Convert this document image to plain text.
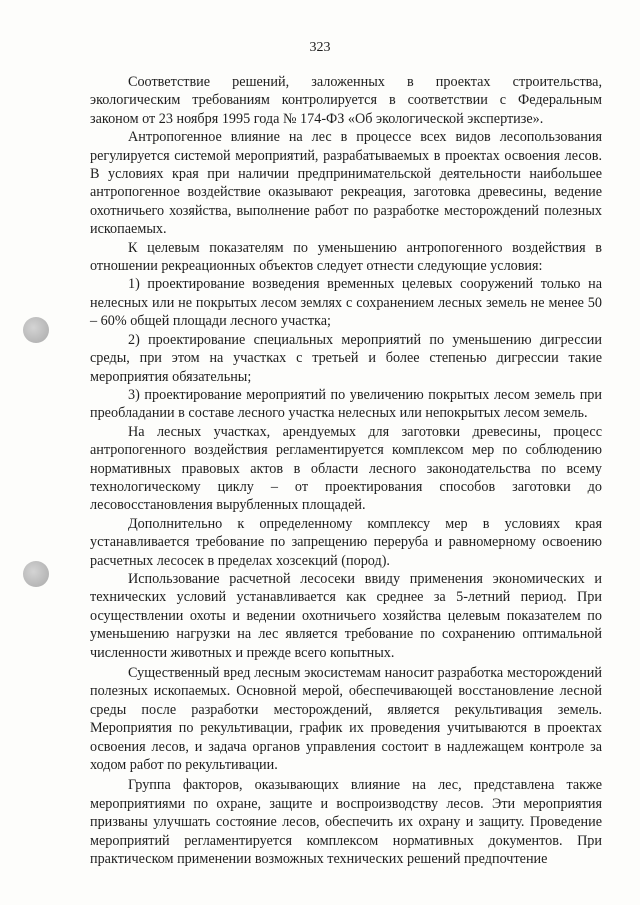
323

Соответствие решений, заложенных в проектах строительства, экологическим требованиям контролируется в соответствии с Федеральным законом от 23 ноября 1995 года № 174-ФЗ «Об экологической экспертизе».

Антропогенное влияние на лес в процессе всех видов лесопользования регулируется системой мероприятий, разрабатываемых в проектах освоения лесов. В условиях края при наличии предпринимательской деятельности наибольшее антропогенное воздействие оказывают рекреация, заготовка древесины, ведение охотничьего хозяйства, выполнение работ по разработке месторождений полезных ископаемых.

К целевым показателям по уменьшению антропогенного воздействия в отношении рекреационных объектов следует отнести следующие условия:

1) проектирование возведения временных целевых сооружений только на нелесных или не покрытых лесом землях с сохранением лесных земель не менее 50 – 60% общей площади лесного участка;

2) проектирование специальных мероприятий по уменьшению дигрессии среды, при этом на участках с третьей и более степенью дигрессии такие мероприятия обязательны;

3) проектирование мероприятий по увеличению покрытых лесом земель при преобладании в составе лесного участка нелесных или непокрытых лесом земель.

На лесных участках, арендуемых для заготовки древесины, процесс антропогенного воздействия регламентируется комплексом мер по соблюдению нормативных правовых актов в области лесного законодательства по всему технологическому циклу – от проектирования способов заготовки до лесовосстановления вырубленных площадей.

Дополнительно к определенному комплексу мер в условиях края устанавливается требование по запрещению переруба и равномерному освоению расчетных лесосек в пределах хозсекций (пород).

Использование расчетной лесосеки ввиду применения экономических и технических условий устанавливается как среднее за 5-летний период. При осуществлении охоты и ведении охотничьего хозяйства целевым показателем по уменьшению нагрузки на лес является требование по сохранению оптимальной численности животных и прежде всего копытных.

Существенный вред лесным экосистемам наносит разработка месторождений полезных ископаемых. Основной мерой, обеспечивающей восстановление лесной среды после разработки месторождений, является рекультивация земель. Мероприятия по рекультивации, график их проведения учитываются в проектах освоения лесов, и задача органов управления состоит в надлежащем контроле за ходом работ по рекультивации.

Группа факторов, оказывающих влияние на лес, представлена также мероприятиями по охране, защите и воспроизводству лесов. Эти мероприятия призваны улучшать состояние лесов, обеспечить их охрану и защиту. Проведение мероприятий регламентируется комплексом нормативных документов. При практическом применении возможных технических решений предпочтение
